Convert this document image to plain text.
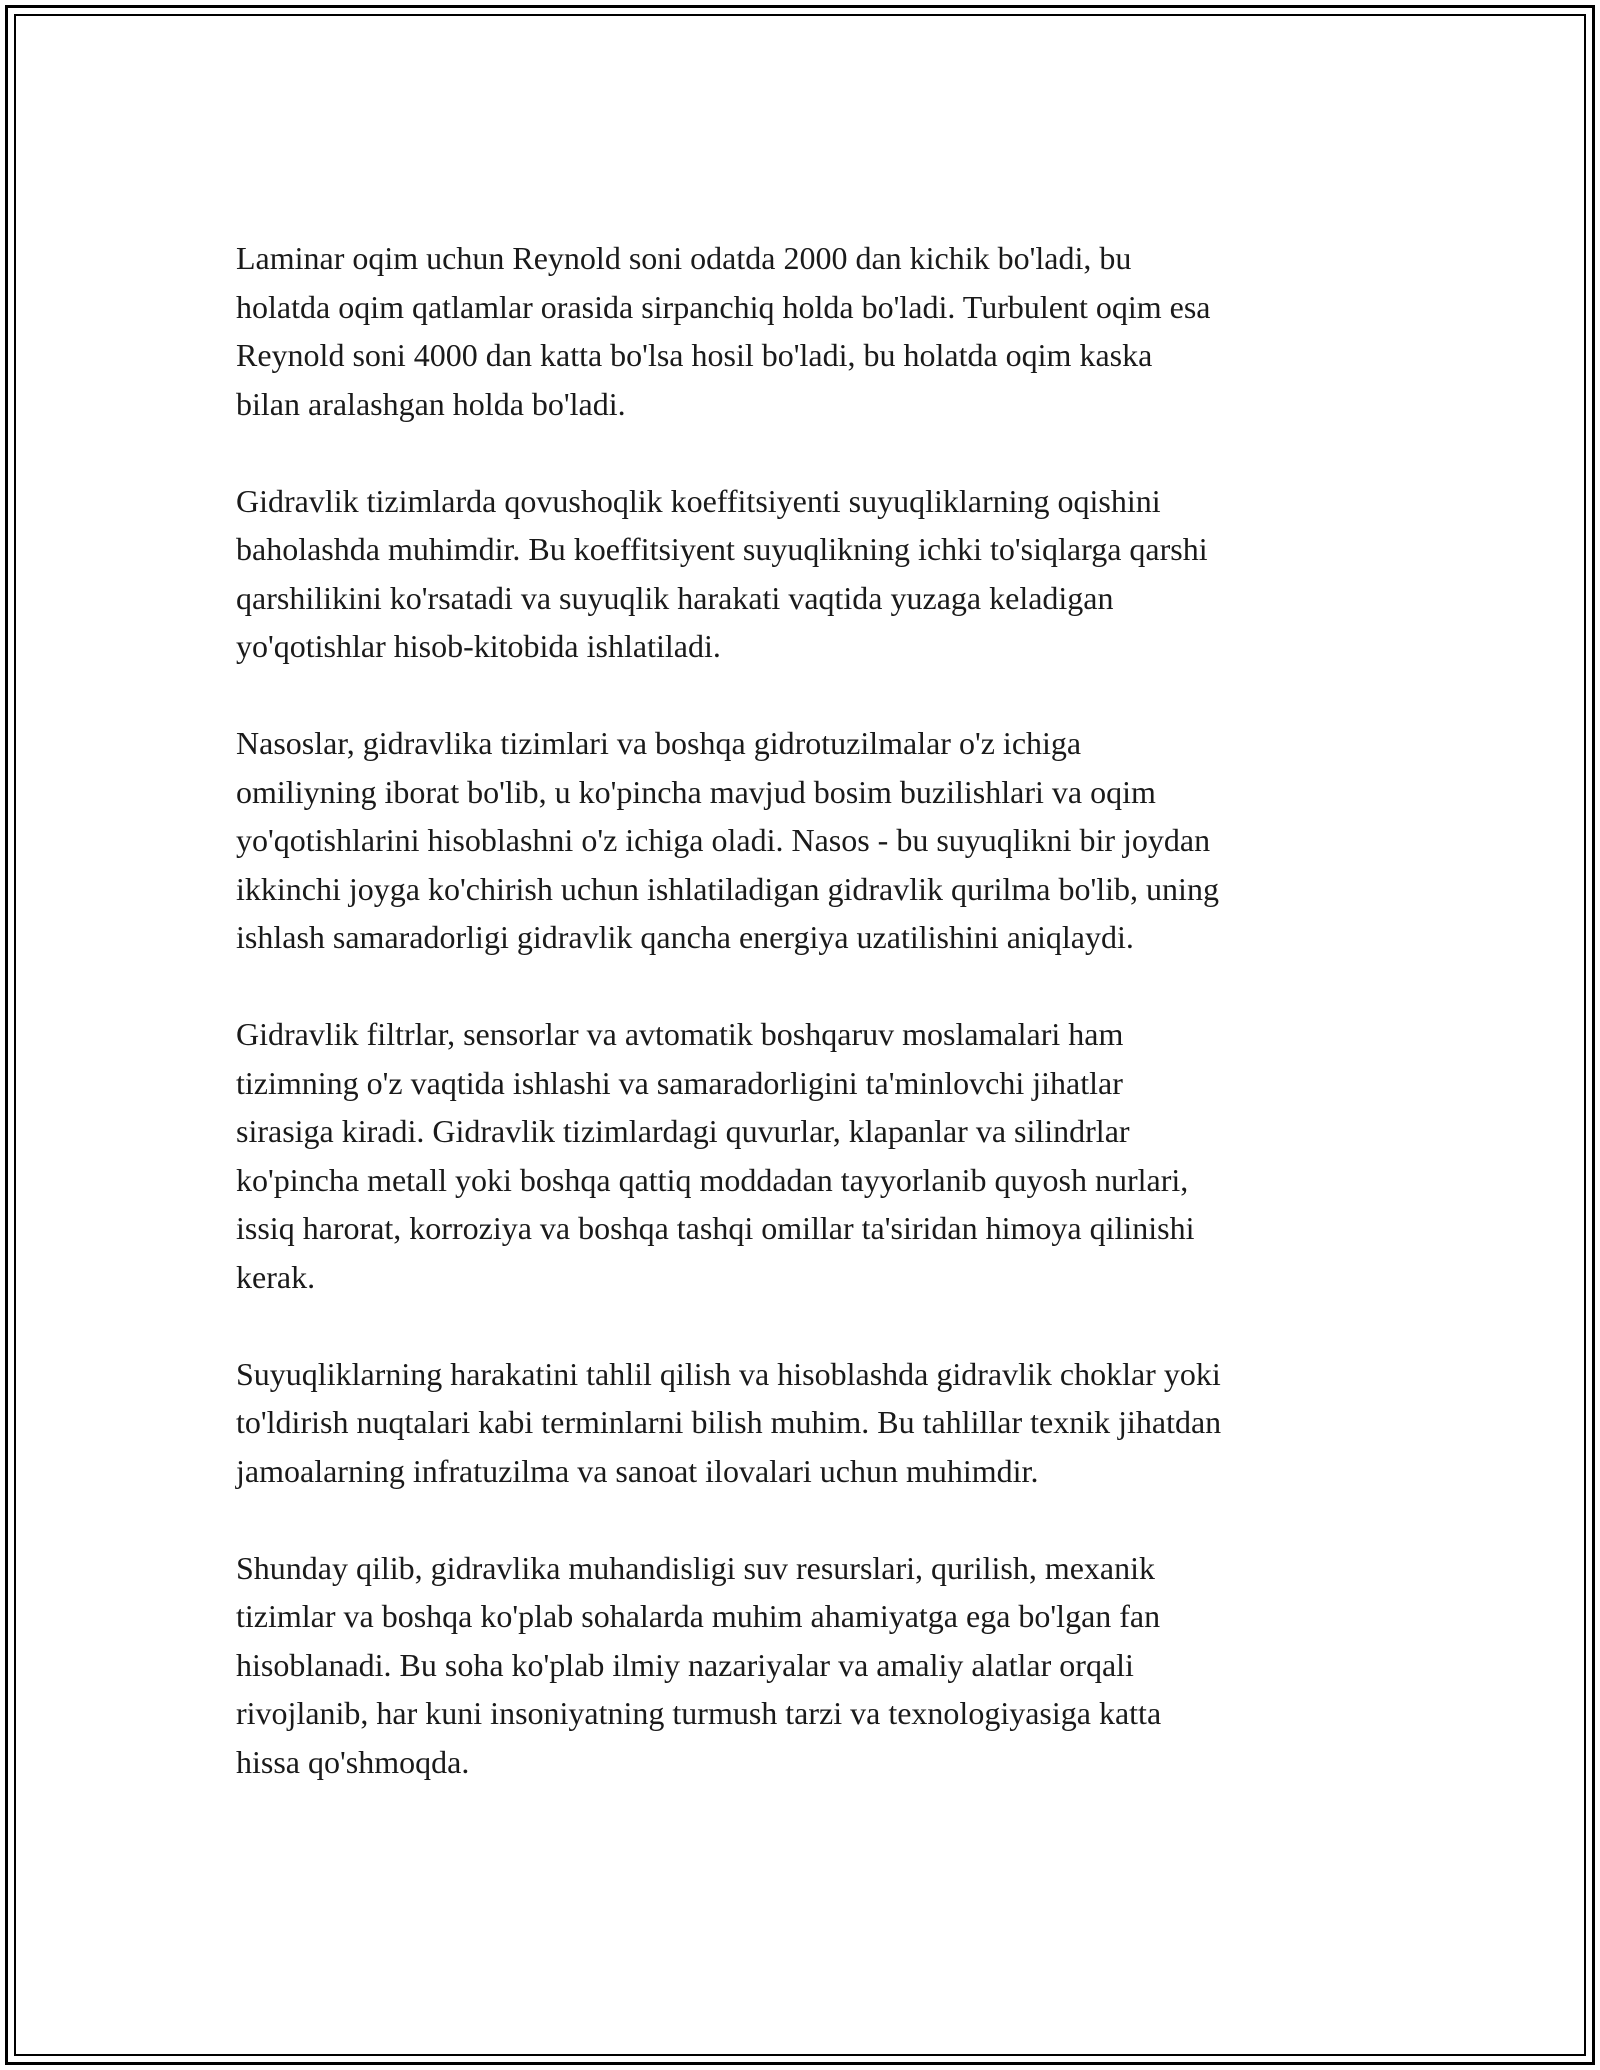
Laminar oqim uchun Reynold soni odatda 2000 dan kichik bo'ladi, bu
holatda oqim qatlamlar orasida sirpanchiq holda bo'ladi. Turbulent oqim esa
Reynold soni 4000 dan katta bo'lsa hosil bo'ladi, bu holatda oqim kaska
bilan aralashgan holda bo'ladi.

Gidravlik tizimlarda qovushoqlik koeffitsiyenti suyuqliklarning oqishini
baholashda muhimdir. Bu koeffitsiyent suyuqlikning ichki to'siqlarga qarshi
qarshilikini ko'rsatadi va suyuqlik harakati vaqtida yuzaga keladigan
yo'qotishlar hisob-kitobida ishlatiladi.

Nasoslar, gidravlika tizimlari va boshqa gidrotuzilmalar o'z ichiga
omiliyning iborat bo'lib, u ko'pincha mavjud bosim buzilishlari va oqim
yo'qotishlarini hisoblashni o'z ichiga oladi. Nasos - bu suyuqlikni bir joydan
ikkinchi joyga ko'chirish uchun ishlatiladigan gidravlik qurilma bo'lib, uning
ishlash samaradorligi gidravlik qancha energiya uzatilishini aniqlaydi.

Gidravlik filtrlar, sensorlar va avtomatik boshqaruv moslamalari ham
tizimning o'z vaqtida ishlashi va samaradorligini ta'minlovchi jihatlar
sirasiga kiradi. Gidravlik tizimlardagi quvurlar, klapanlar va silindrlar
ko'pincha metall yoki boshqa qattiq moddadan tayyorlanib quyosh nurlari,
issiq harorat, korroziya va boshqa tashqi omillar ta'siridan himoya qilinishi
kerak.

Suyuqliklarning harakatini tahlil qilish va hisoblashda gidravlik choklar yoki
to'ldirish nuqtalari kabi terminlarni bilish muhim. Bu tahlillar texnik jihatdan
jamoalarning infratuzilma va sanoat ilovalari uchun muhimdir.

Shunday qilib, gidravlika muhandisligi suv resurslari, qurilish, mexanik
tizimlar va boshqa ko'plab sohalarda muhim ahamiyatga ega bo'lgan fan
hisoblanadi. Bu soha ko'plab ilmiy nazariyalar va amaliy alatlar orqali
rivojlanib, har kuni insoniyatning turmush tarzi va texnologiyasiga katta
hissa qo'shmoqda.
